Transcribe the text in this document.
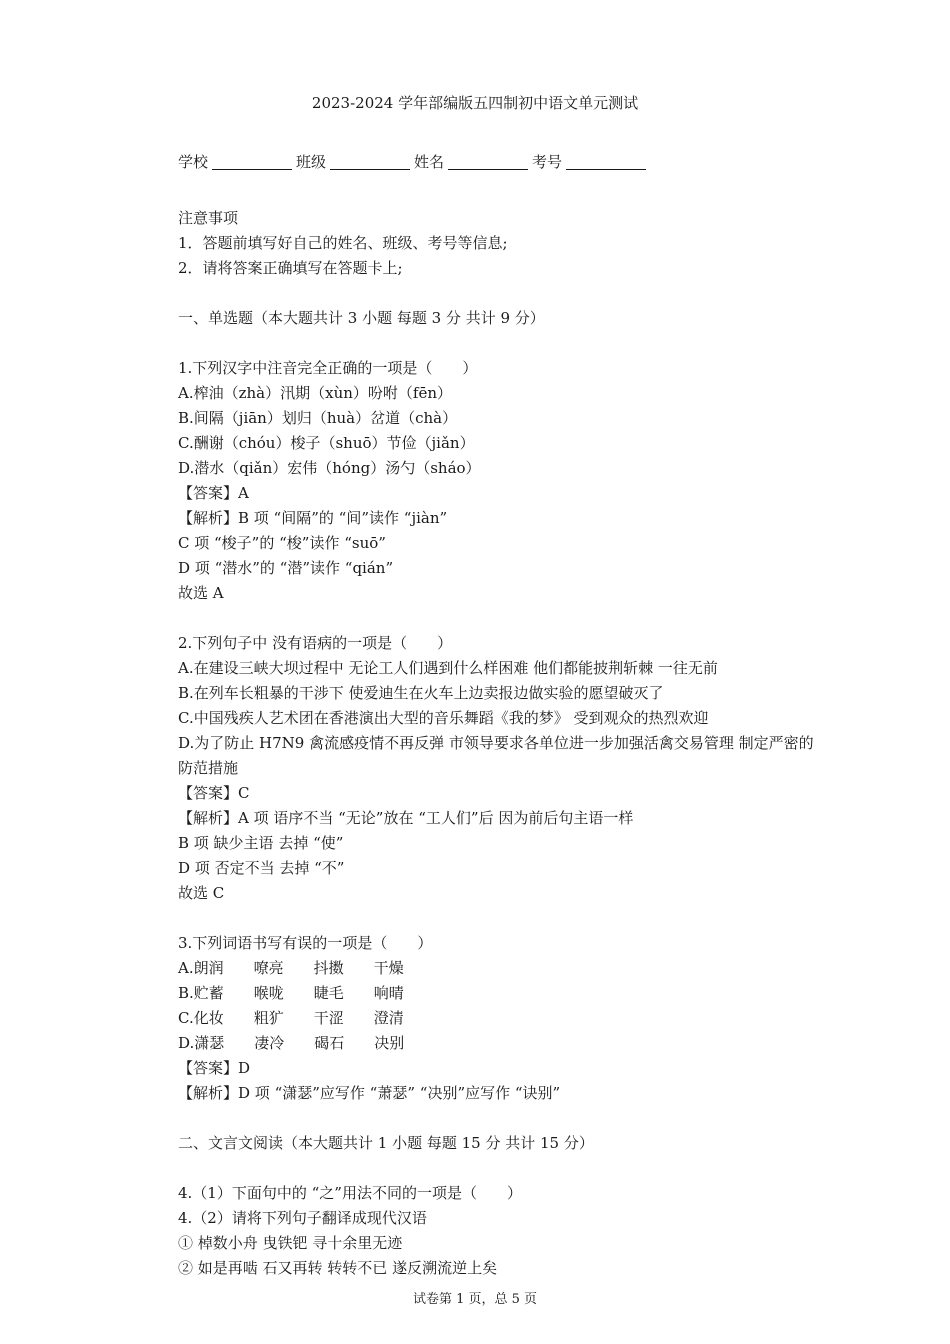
2023-2024 学年部编版五四制初中语文单元测试
学校	班级	姓名	考号
注意事项
1．答题前填写好自己的姓名、班级、考号等信息;
2．请将答案正确填写在答题卡上;
一、单选题（本大题共计 3 小题 每题 3 分 共计 9 分）
1.下列汉字中注音完全正确的一项是（　　）
A.榨油（zhà）汛期（xùn）吩咐（fēn）
B.间隔（jiān）划归（huà）岔道（chà）
C.酬谢（chóu）梭子（shuō）节俭（jiǎn）
D.潜水（qiǎn）宏伟（hóng）汤勺（sháo）
【答案】A
【解析】B 项 “间隔”的 “间”读作 “jiàn”
C 项 “梭子”的 “梭”读作 “suō”
D 项 “潜水”的 “潜”读作 “qián”
故选 A
2.下列句子中 没有语病的一项是（　　）
A.在建设三峡大坝过程中 无论工人们遇到什么样困难 他们都能披荆斩棘 一往无前
B.在列车长粗暴的干涉下 使爱迪生在火车上边卖报边做实验的愿望破灭了
C.中国残疾人艺术团在香港演出大型的音乐舞蹈《我的梦》 受到观众的热烈欢迎
D.为了防止 H7N9 禽流感疫情不再反弹 市领导要求各单位进一步加强活禽交易管理 制定严密的防范措施
【答案】C
【解析】A 项 语序不当 “无论”放在 “工人们”后 因为前后句主语一样
B 项 缺少主语 去掉 “使”
D 项 否定不当 去掉 “不”
故选 C
3.下列词语书写有误的一项是（　　）
A.朗润　　嘹亮　　抖擞　　干燥
B.贮蓄　　喉咙　　睫毛　　响晴
C.化妆　　粗犷　　干涩　　澄清
D.潇瑟　　凄冷　　碣石　　决别
【答案】D
【解析】D 项 “潇瑟”应写作 “萧瑟” “决别”应写作 “诀别”
二、文言文阅读（本大题共计 1 小题 每题 15 分 共计 15 分）
4.（1）下面句中的 “之”用法不同的一项是（　　）
4.（2）请将下列句子翻译成现代汉语
① 棹数小舟 曳铁钯 寻十余里无迹
② 如是再啮 石又再转 转转不已 遂反溯流逆上矣
试卷第 1 页，总 5 页
